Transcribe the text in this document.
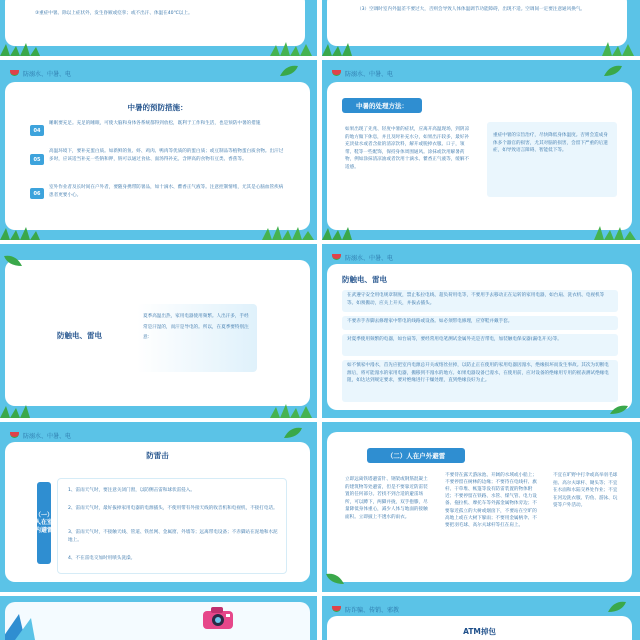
③重症中暑。除以上症状外，发生昏厥或痉挛；或不出汗、体温在40℃以上。
（3）空调时室内外温差不要过大，否则会导致人体体温调节功能障碍，出现不适。空调间一定要注意通风换气。
防溺水、中暑、电
中暑的预防措施：
04
睡眠要充足。充足的睡眠，可使大脑和身体各系统都得到放松，既利于工作和生活，也是预防中暑的措施
05
高温环境下，要补充蛋白质。如新鲜的鱼、虾、鸡肉、鸭肉等优质的的蛋白质；或豆制品等植物蛋白质食物。出汗过多时，应该适当补充一些钠和钾，钠可以通过食盐、面汤得补充。含钾高的食物有豆类、香蕉等。
06
室外作业者及长时间在户外者，要随身携带防暑品，如十滴水、藿香正气液等。注意控制情绪，尤其是心脑血管疾病患者更要小心。
防溺水、中暑、电
中暑的处理方法：
如果出现了先兆、轻度中暑的症状，应离开高温现场，到阴凉的地方做下休息，并且及时补充水分，如果出汗较多，最好补充淡盐水或者含盐的清凉饮料，解开或脱掉衣服、口子，领带、鞋等一些配饰，保持身体周围通风。涂抹或饮用解暑药物，例如涂抹清凉油或者饮用十滴水、藿香正气液等，缓解不适感。
重症中暑的宗旨治疗，尽快降低身体温度。否则会造成身体多个器官的损害，尤其对脑的损害，会留下严重的后遗症，如导致语言障碍、智能低下等。
防触电、雷电
夏季高温出热，家用电器使用频繁。人出汗多，手经常是汗湿的，而汗是导电的。所以，在夏季要特别注意：
防溺水、中暑、电
防触电、雷电
在武遵守安全用电规章制度，禁止私拉电线、超负荷用电等，不要用手去移动正在运转的家用电器，如台扇、洗衣机、电视机等等。如须搬动，应关上开关，并拔去插头。
不要赤手赤脚去修理家中带电的线路或设备。如必须带电修理，应穿鞋并戴手套。
对夏季使用频繁的电器，如台扇等，要经常用电笔测试金属外壳是否带电，加装触电保安器(漏电开关)等。
如不慎家中漫水，首先应把室内电源总开关或熔丝拉掉，以防止正在使用的家用电器因漫水，绝缘损坏而发生事故。其次为切断电源后，将可能漫水的家用电器，搬移到不漫水的地方。如果电器设备已漫水，在使用前，应对设备的绝缘用专用的摇表测试绝缘电阻，如达达到规定要求，要对绝缘进行干燥处理，直到绝缘良好为止。
防溺水、中暑、电
防雷击
（一）人在室内避雷
1、雷雨天气时，要注意关闭门窗，以防侧击雷和球状雷侵入。
2、雷雨天气时，最好拔掉家用电器的电源插头，不使用带有外接天线的收音机和电视机，不接打电话。
3、雷雨天气时，不接触天线、管道、铁丝网、金属窗、外墙等；远离带电设备；不赤脚站在泥地和水泥地上。
4、不在雷电交加时用喷头洗澡。
（二）人在户外避雷
立即远离铁塔避雷针、钢架或钢筋混凝土的建筑物等处避雷，但是不要靠近防雷装置的任何部分。若找不到合适的避雷场所，可以蹲下，两脚并拢，双手抱膝，尽量降低身体重心，减少人体与地面的接触面积。立即披上不透水的雨衣。
不要待在露天游泳池、开阔的水域或小船上；不要停留在树林的边缘；不要待在电线杆、旗杆、干草堆、帐篷等没有防雷装置的物体附近；不要停留在铁路、水管、煤气管、电力设备、拖拉机、摩托车等外露金属物体旁边；不要靠近孤立的大树或烟囱下，不要站在空旷的高地上或在大树下躲雨；不要用金属柄伞、不要把羽毛球、高尔夫球杆等扛在肩上。
不宜在旷野中打伞或高举羽毛球拍、高尔夫球杆、锄头等；不宜在水面和水陆交界处作业；不宜在河边洗衣服、钓鱼、游泳、玩耍等户外活动。
防诈骗、传销、邪教
ATM掉包
